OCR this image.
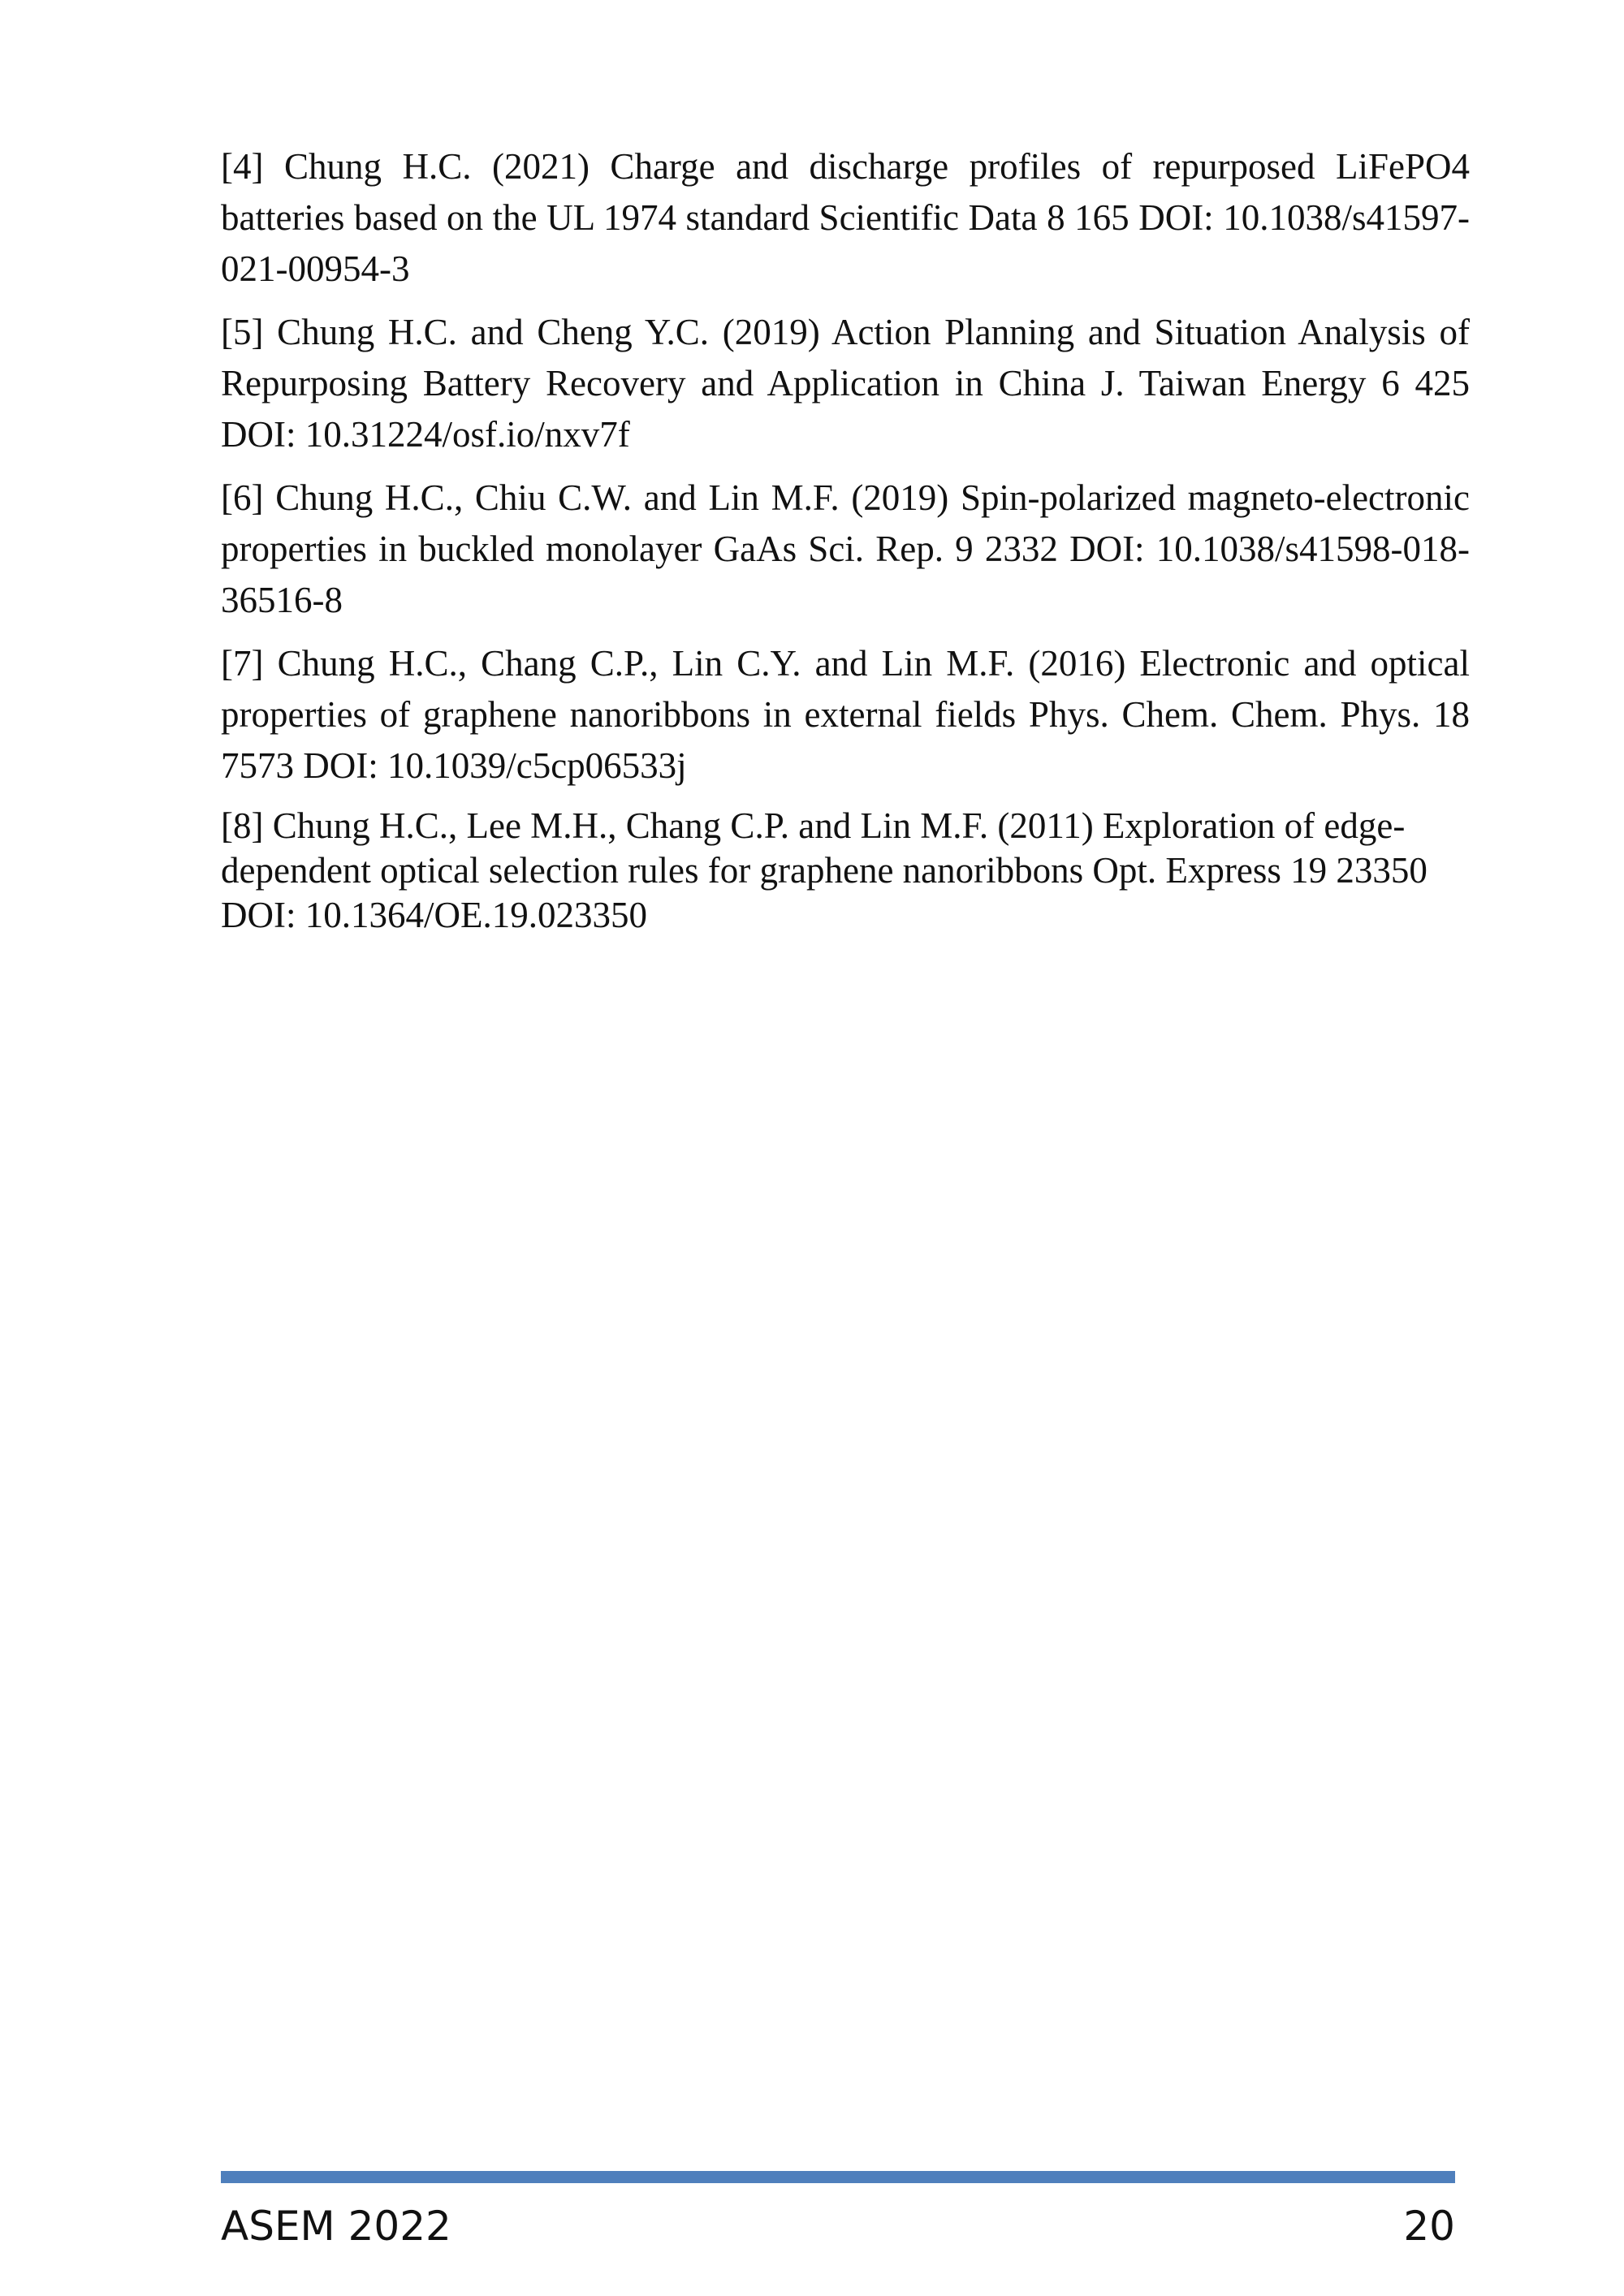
[4] Chung H.C. (2021) Charge and discharge profiles of repurposed LiFePO4 batteries based on the UL 1974 standard Scientific Data 8 165 DOI: 10.1038/s41597-021-00954-3

[5] Chung H.C. and Cheng Y.C. (2019) Action Planning and Situation Analysis of Repurposing Battery Recovery and Application in China J. Taiwan Energy 6 425 DOI: 10.31224/osf.io/nxv7f

[6] Chung H.C., Chiu C.W. and Lin M.F. (2019) Spin-polarized magneto-electronic properties in buckled monolayer GaAs Sci. Rep. 9 2332 DOI: 10.1038/s41598-018-36516-8

[7] Chung H.C., Chang C.P., Lin C.Y. and Lin M.F. (2016) Electronic and optical properties of graphene nanoribbons in external fields Phys. Chem. Chem. Phys. 18 7573 DOI: 10.1039/c5cp06533j

[8] Chung H.C., Lee M.H., Chang C.P. and Lin M.F. (2011) Exploration of edge-dependent optical selection rules for graphene nanoribbons Opt. Express 19 23350 DOI: 10.1364/OE.19.023350

ASEM 2022	20
